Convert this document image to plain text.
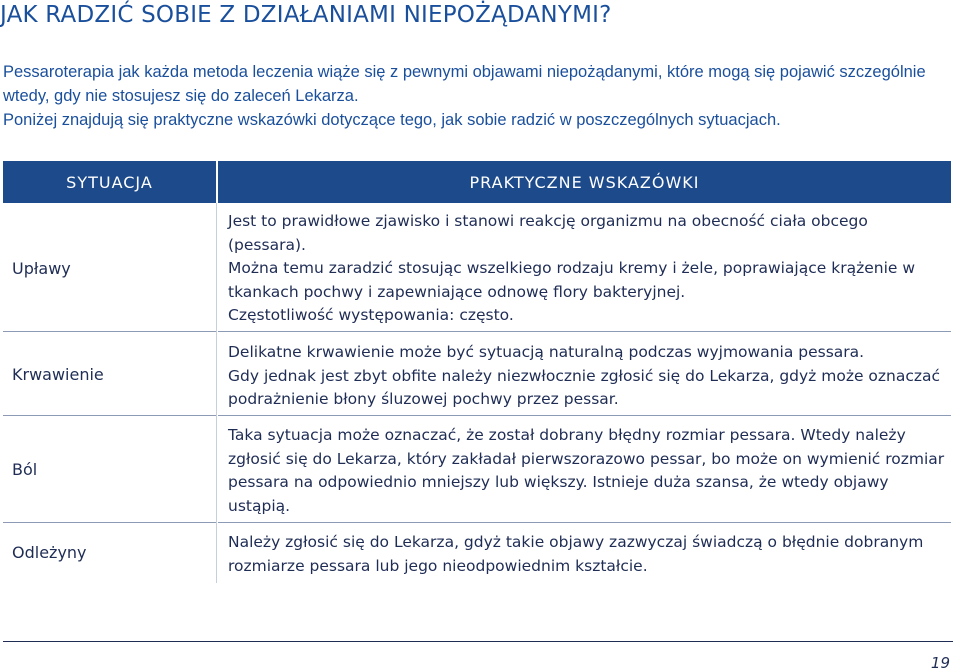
JAK RADZIĆ SOBIE Z DZIAŁANIAMI NIEPOŻĄDANYMI?

Pessaroterapia jak każda metoda leczenia wiąże się z pewnymi objawami niepożądanymi, które mogą się pojawić szczególnie wtedy, gdy nie stosujesz się do zaleceń Lekarza.

Poniżej znajdują się praktyczne wskazówki dotyczące tego, jak sobie radzić w poszczególnych sytuacjach.

SYTUACJA	PRAKTYCZNE WSKAZÓWKI
Upławy

Jest to prawidłowe zjawisko i stanowi reakcję organizmu na obecność ciała obcego (pessara).

Można temu zaradzić stosując wszelkiego rodzaju kremy i żele, poprawiające krążenie w tkankach pochwy i zapewniające odnowę flory bakteryjnej.

Częstotliwość występowania: często.

Krwawienie

Delikatne krwawienie może być sytuacją naturalną podczas wyjmowania pessara.

Gdy jednak jest zbyt obfite należy niezwłocznie zgłosić się do Lekarza, gdyż może oznaczać podrażnienie błony śluzowej pochwy przez pessar.

Ból

Taka sytuacja może oznaczać, że został dobrany błędny rozmiar pessara. Wtedy należy zgłosić się do Lekarza, który zakładał pierwszorazowo pessar, bo może on wymienić rozmiar pessara na odpowiednio mniejszy lub większy. Istnieje duża szansa, że wtedy objawy ustąpią.

Odleżyny

Należy zgłosić się do Lekarza, gdyż takie objawy zazwyczaj świadczą o błędnie dobranym rozmiarze pessara lub jego nieodpowiednim kształcie.

19
